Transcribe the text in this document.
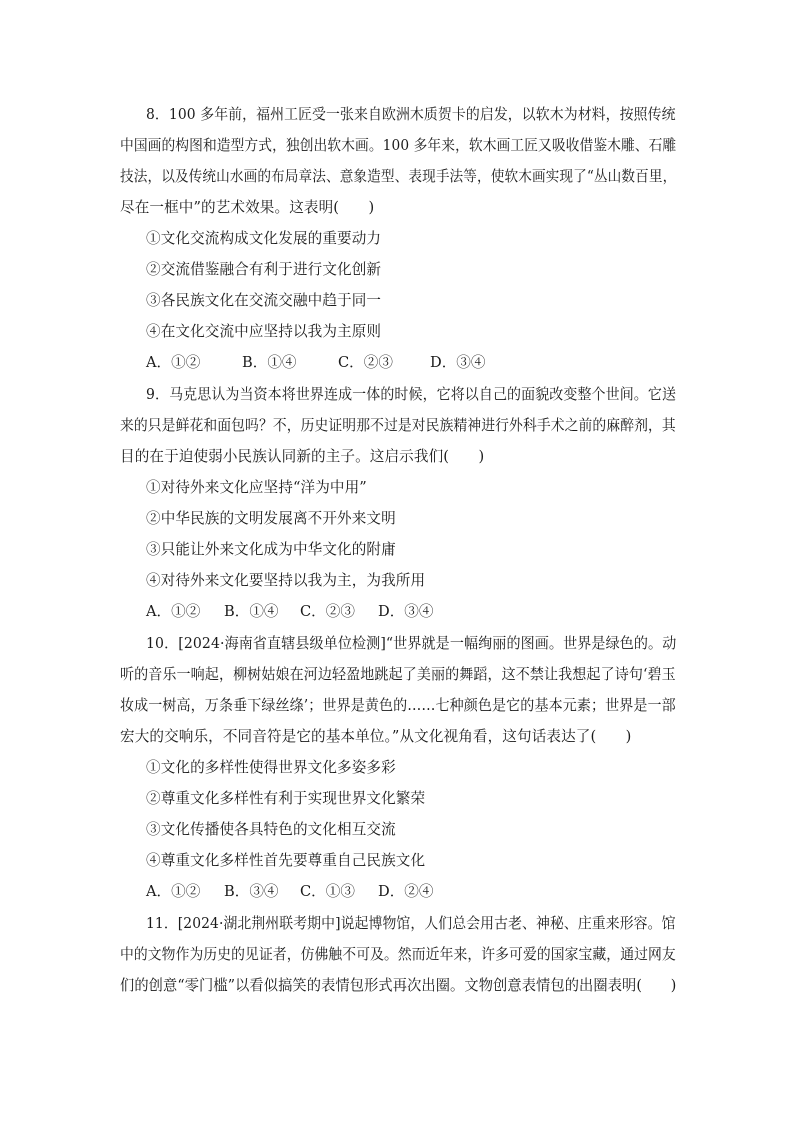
8．100 多年前，福州工匠受一张来自欧洲木质贺卡的启发，以软木为材料，按照传统
中国画的构图和造型方式，独创出软木画。100 多年来，软木画工匠又吸收借鉴木雕、石雕
技法，以及传统山水画的布局章法、意象造型、表现手法等，使软木画实现了“丛山数百里，
尽在一框中”的艺术效果。这表明(　　)
①文化交流构成文化发展的重要动力
②交流借鉴融合有利于进行文化创新
③各民族文化在交流交融中趋于同一
④在文化交流中应坚持以我为主原则
A．①②	B．①④	C．②③	D．③④
9．马克思认为当资本将世界连成一体的时候，它将以自己的面貌改变整个世间。它送
来的只是鲜花和面包吗？不，历史证明那不过是对民族精神进行外科手术之前的麻醉剂，其
目的在于迫使弱小民族认同新的主子。这启示我们(　　)
①对待外来文化应坚持“洋为中用”
②中华民族的文明发展离不开外来文明
③只能让外来文化成为中华文化的附庸
④对待外来文化要坚持以我为主，为我所用
A．①② B．①④ C．②③ D．③④
10．[2024·海南省直辖县级单位检测]“世界就是一幅绚丽的图画。世界是绿色的。动
听的音乐一响起，柳树姑娘在河边轻盈地跳起了美丽的舞蹈，这不禁让我想起了诗句‘碧玉
妆成一树高，万条垂下绿丝绦’；世界是黄色的……七种颜色是它的基本元素；世界是一部
宏大的交响乐，不同音符是它的基本单位。”从文化视角看，这句话表达了(　　)
①文化的多样性使得世界文化多姿多彩
②尊重文化多样性有利于实现世界文化繁荣
③文化传播使各具特色的文化相互交流
④尊重文化多样性首先要尊重自己民族文化
A．①② B．③④ C．①③ D．②④
11．[2024·湖北荆州联考期中]说起博物馆，人们总会用古老、神秘、庄重来形容。馆
中的文物作为历史的见证者，仿佛触不可及。然而近年来，许多可爱的国家宝藏，通过网友
们的创意“零门槛”以看似搞笑的表情包形式再次出圈。文物创意表情包的出圈表明(　　)
